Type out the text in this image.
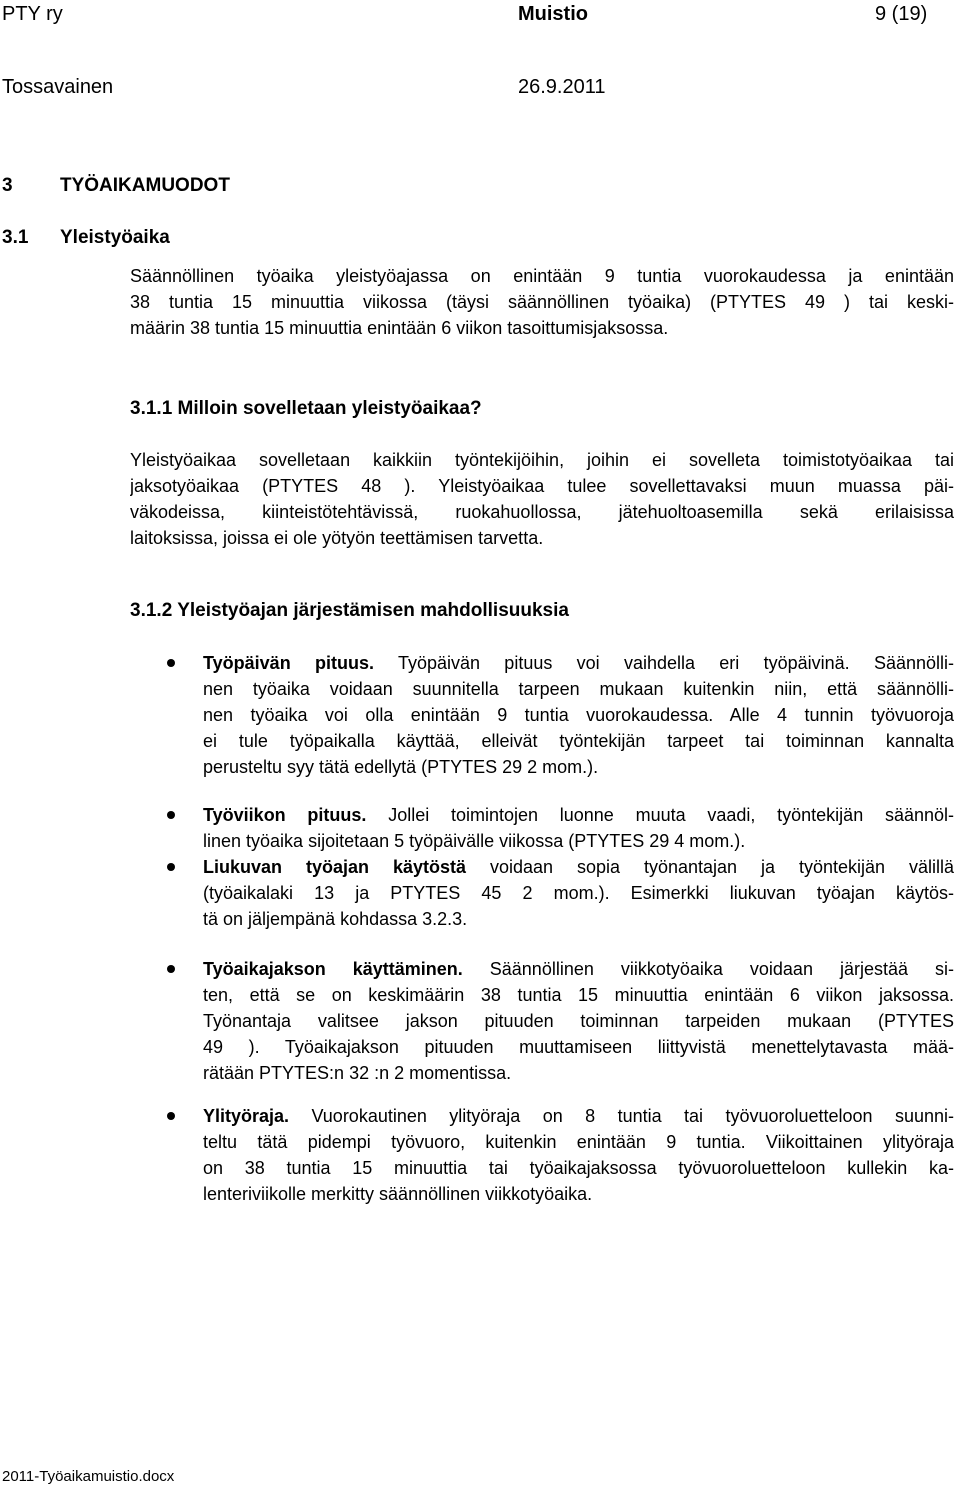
PTY ry	Muistio	9 (19)
Tossavainen	26.9.2011
3 TYÖAIKAMUODOT
3.1 Yleistyöaika
Säännöllinen työaika yleistyöajassa on enintään 9 tuntia vuorokaudessa ja enintään
38 tuntia 15 minuuttia viikossa (täysi säännöllinen työaika) (PTYTES 49 ) tai keski-
määrin 38 tuntia 15 minuuttia enintään 6 viikon tasoittumisjaksossa.
3.1.1 Milloin sovelletaan yleistyöaikaa?
Yleistyöaikaa sovelletaan kaikkiin työntekijöihin, joihin ei sovelleta toimistotyöaikaa tai
jaksotyöaikaa (PTYTES 48 ). Yleistyöaikaa tulee sovellettavaksi muun muassa päi-
väkodeissa, kiinteistötehtävissä, ruokahuollossa, jätehuoltoasemilla sekä erilaisissa
laitoksissa, joissa ei ole yötyön teettämisen tarvetta.
3.1.2 Yleistyöajan järjestämisen mahdollisuuksia
Työpäivän pituus. Työpäivän pituus voi vaihdella eri työpäivinä. Säännölli-
nen työaika voidaan suunnitella tarpeen mukaan kuitenkin niin, että säännölli-
nen työaika voi olla enintään 9 tuntia vuorokaudessa. Alle 4 tunnin työvuoroja
ei tule työpaikalla käyttää, elleivät työntekijän tarpeet tai toiminnan kannalta
perusteltu syy tätä edellytä (PTYTES 29 2 mom.).
Työviikon pituus. Jollei toimintojen luonne muuta vaadi, työntekijän säännöl-
linen työaika sijoitetaan 5 työpäivälle viikossa (PTYTES 29 4 mom.).
Liukuvan työajan käytöstä voidaan sopia työnantajan ja työntekijän välillä
(työaikalaki 13 ja PTYTES 45 2 mom.). Esimerkki liukuvan työajan käytös-
tä on jäljempänä kohdassa 3.2.3.
Työaikajakson käyttäminen. Säännöllinen viikkotyöaika voidaan järjestää si-
ten, että se on keskimäärin 38 tuntia 15 minuuttia enintään 6 viikon jaksossa.
Työnantaja valitsee jakson pituuden toiminnan tarpeiden mukaan (PTYTES
49 ). Työaikajakson pituuden muuttamiseen liittyvistä menettelytavasta mää-
rätään PTYTES:n 32 :n 2 momentissa.
Ylityöraja. Vuorokautinen ylityöraja on 8 tuntia tai työvuoroluetteloon suunni-
teltu tätä pidempi työvuoro, kuitenkin enintään 9 tuntia. Viikoittainen ylityöraja
on 38 tuntia 15 minuuttia tai työaikajaksossa työvuoroluetteloon kullekin ka-
lenteriviikolle merkitty säännöllinen viikkotyöaika.
2011-Työaikamuistio.docx
